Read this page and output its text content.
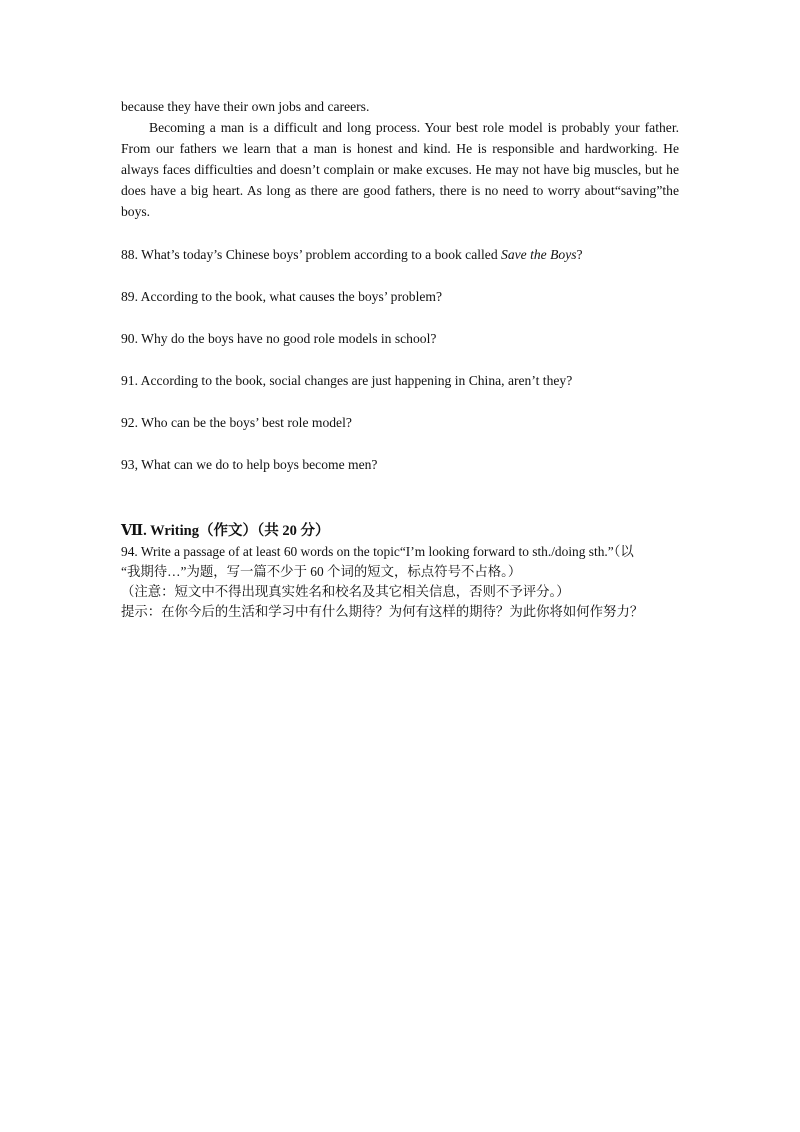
because they have their own jobs and careers.

Becoming a man is a difficult and long process. Your best role model is probably your father. From our fathers we learn that a man is honest and kind. He is responsible and hardworking. He always faces difficulties and doesn’t complain or make excuses. He may not have big muscles, but he does have a big heart. As long as there are good fathers, there is no need to worry about“saving”the boys.

88. What’s today’s Chinese boys’ problem according to a book called Save the Boys?

89. According to the book, what causes the boys’ problem?

90. Why do the boys have no good role models in school?

91. According to the book, social changes are just happening in China, aren’t they?

92. Who can be the boys’ best role model?

93, What can we do to help boys become men?

Ⅶ. Writing（作文）（共 20 分）

94. Write a passage of at least 60 words on the topic“I’m looking forward to sth./doing sth.”（以

“我期待…”为题，写一篇不少于 60 个词的短文，标点符号不占格。）

（注意：短文中不得出现真实姓名和校名及其它相关信息，否则不予评分。）

提示：在你今后的生活和学习中有什么期待？为何有这样的期待？为此你将如何作努力？
